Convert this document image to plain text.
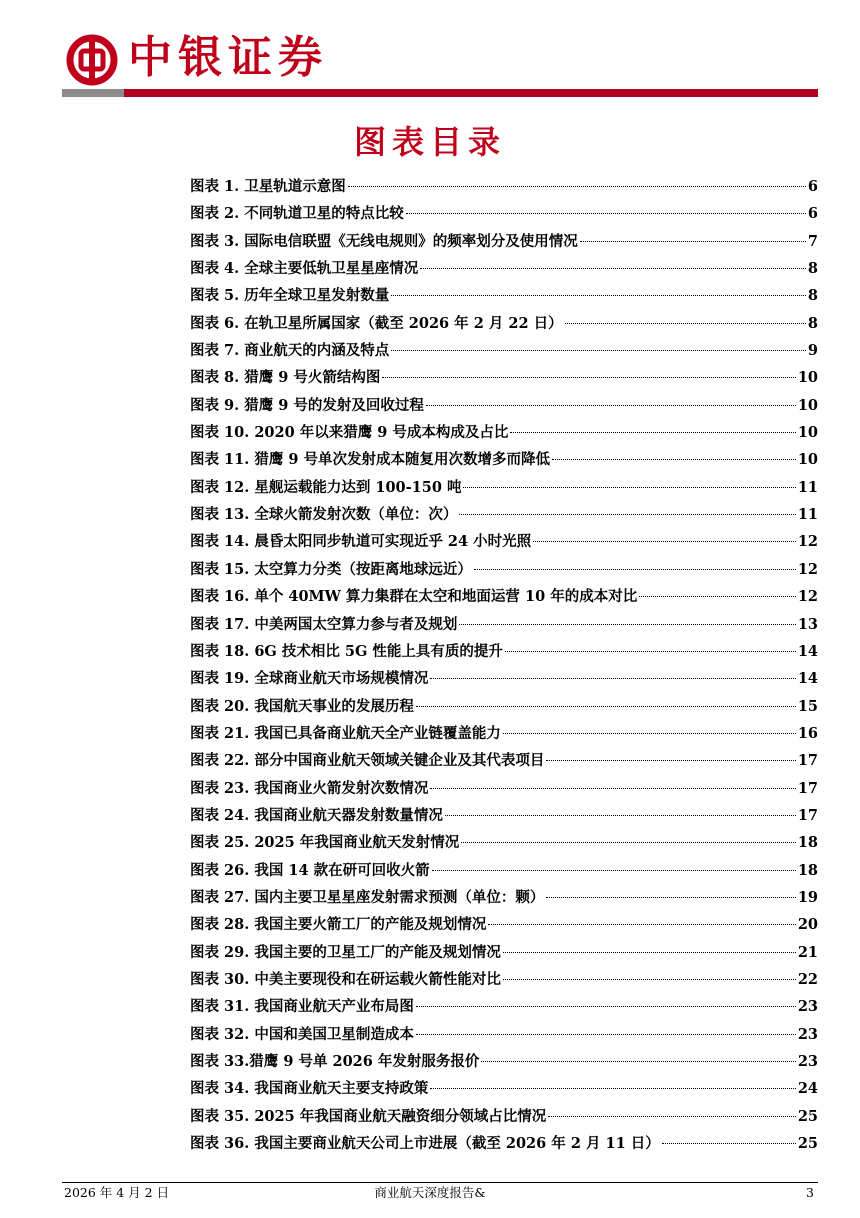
中银证券
图表目录
图表 1. 卫星轨道示意图	6
图表 2. 不同轨道卫星的特点比较	6
图表 3. 国际电信联盟《无线电规则》的频率划分及使用情况	7
图表 4. 全球主要低轨卫星星座情况	8
图表 5. 历年全球卫星发射数量	8
图表 6. 在轨卫星所属国家（截至 2026 年 2 月 22 日）	8
图表 7. 商业航天的内涵及特点	9
图表 8. 猎鹰 9 号火箭结构图	10
图表 9. 猎鹰 9 号的发射及回收过程	10
图表 10. 2020 年以来猎鹰 9 号成本构成及占比	10
图表 11. 猎鹰 9 号单次发射成本随复用次数增多而降低	10
图表 12. 星舰运载能力达到 100-150 吨	11
图表 13. 全球火箭发射次数（单位：次）	11
图表 14. 晨昏太阳同步轨道可实现近乎 24 小时光照	12
图表 15. 太空算力分类（按距离地球远近）	12
图表 16. 单个 40MW 算力集群在太空和地面运营 10 年的成本对比	12
图表 17. 中美两国太空算力参与者及规划	13
图表 18. 6G 技术相比 5G 性能上具有质的提升	14
图表 19. 全球商业航天市场规模情况	14
图表 20. 我国航天事业的发展历程	15
图表 21. 我国已具备商业航天全产业链覆盖能力	16
图表 22. 部分中国商业航天领域关键企业及其代表项目	17
图表 23. 我国商业火箭发射次数情况	17
图表 24. 我国商业航天器发射数量情况	17
图表 25. 2025 年我国商业航天发射情况	18
图表 26. 我国 14 款在研可回收火箭	18
图表 27. 国内主要卫星星座发射需求预测（单位：颗）	19
图表 28. 我国主要火箭工厂的产能及规划情况	20
图表 29. 我国主要的卫星工厂的产能及规划情况	21
图表 30. 中美主要现役和在研运载火箭性能对比	22
图表 31. 我国商业航天产业布局图	23
图表 32. 中国和美国卫星制造成本	23
图表 33.猎鹰 9 号单 2026 年发射服务报价	23
图表 34. 我国商业航天主要支持政策	24
图表 35. 2025 年我国商业航天融资细分领域占比情况	25
图表 36. 我国主要商业航天公司上市进展（截至 2026 年 2 月 11 日）	25
2026 年 4 月 2 日	商业航天深度报告&	3
